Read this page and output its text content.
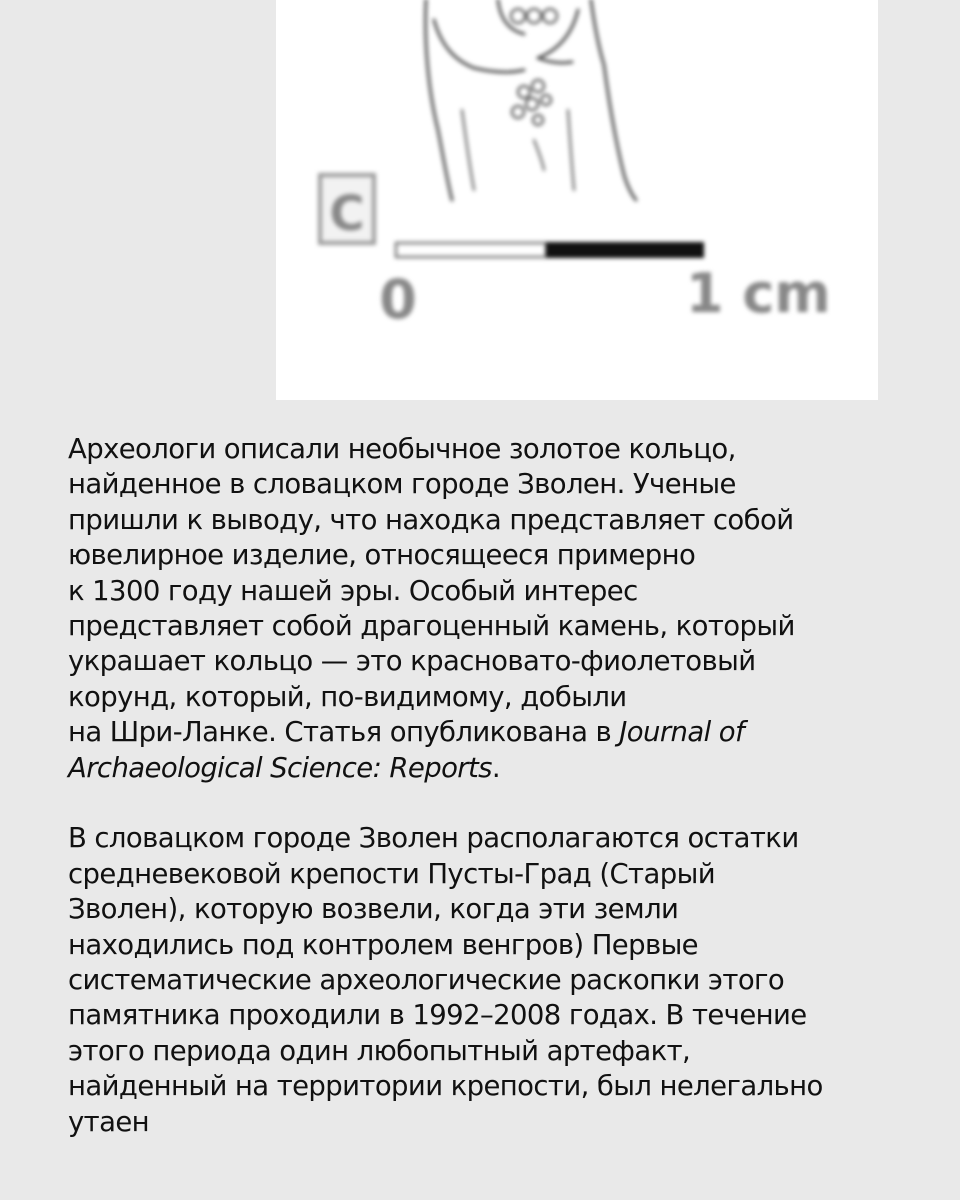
C
0	1 cm

Археологи описали необычное золотое кольцо,
найденное в словацком городе Зволен. Ученые
пришли к выводу, что находка представляет собой
ювелирное изделие, относящееся примерно
к 1300 году нашей эры. Особый интерес
представляет собой драгоценный камень, который
украшает кольцо — это красновато-фиолетовый
корунд, который, по-видимому, добыли
на Шри-Ланке. Статья опубликована в Journal of
Archaeological Science: Reports.

В словацком городе Зволен располагаются остатки
средневековой крепости Пусты-Град (Старый
Зволен), которую возвели, когда эти земли
находились под контролем венгров) Первые
систематические археологические раскопки этого
памятника проходили в 1992–2008 годах. В течение
этого периода один любопытный артефакт,
найденный на территории крепости, был нелегально
утаен
